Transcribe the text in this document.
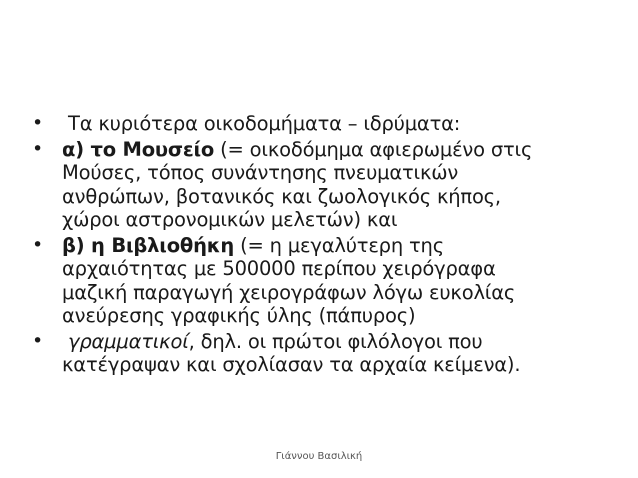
•	Τα κυριότερα οικοδομήματα – ιδρύματα:
• α) το Μουσείο (= οικοδόμημα αφιερωμένο στις
Μούσες, τόπος συνάντησης πνευματικών
ανθρώπων, βοτανικός και ζωολογικός κήπος,
χώροι αστρονομικών μελετών) και
• β) η Βιβλιοθήκη (= η μεγαλύτερη της
αρχαιότητας με 500000 περίπου χειρόγραφα
μαζική παραγωγή χειρογράφων λόγω ευκολίας
ανεύρεσης γραφικής ύλης (πάπυρος)
•	γραμματικοί, δηλ. οι πρώτοι φιλόλογοι που
κατέγραψαν και σχολίασαν τα αρχαία κείμενα).
Γιάννου Βασιλική
